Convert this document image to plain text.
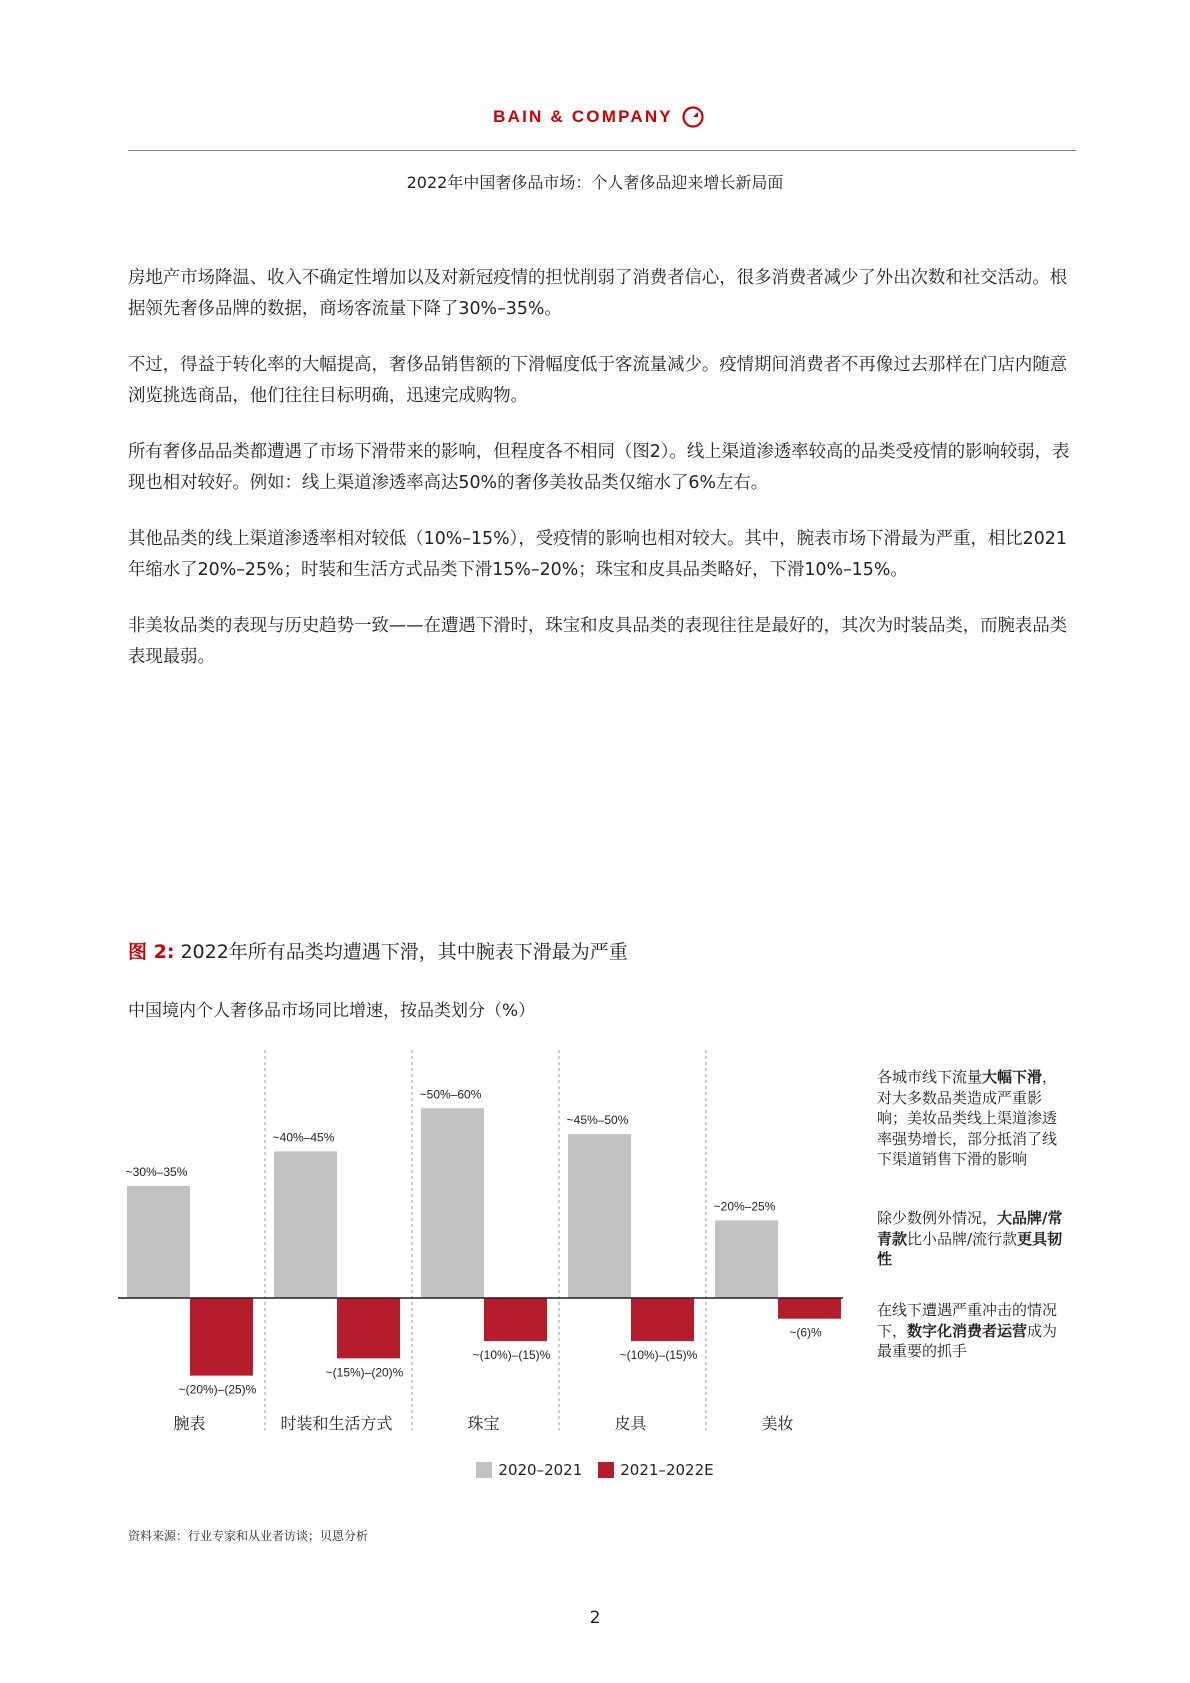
BAIN & COMPANY
2022年中国奢侈品市场：个人奢侈品迎来增长新局面

房地产市场降温、收入不确定性增加以及对新冠疫情的担忧削弱了消费者信心，很多消费者减少了外出次数和社交活动。根据领先奢侈品牌的数据，商场客流量下降了30%–35%。

不过，得益于转化率的大幅提高，奢侈品销售额的下滑幅度低于客流量减少。疫情期间消费者不再像过去那样在门店内随意浏览挑选商品，他们往往目标明确，迅速完成购物。

所有奢侈品品类都遭遇了市场下滑带来的影响，但程度各不相同（图2）。线上渠道渗透率较高的品类受疫情的影响较弱，表现也相对较好。例如：线上渠道渗透率高达50%的奢侈美妆品类仅缩水了6%左右。

其他品类的线上渠道渗透率相对较低（10%–15%），受疫情的影响也相对较大。其中，腕表市场下滑最为严重，相比2021年缩水了20%–25%；时装和生活方式品类下滑15%–20%；珠宝和皮具品类略好，下滑10%–15%。

非美妆品类的表现与历史趋势一致——在遭遇下滑时，珠宝和皮具品类的表现往往是最好的，其次为时装品类，而腕表品类表现最弱。

图 2: 2022年所有品类均遭遇下滑，其中腕表下滑最为严重
中国境内个人奢侈品市场同比增速，按品类划分（%）
~30%–35%
~(20%)–(25)%
腕表
~40%–45%
~(15%)–(20)%
时装和生活方式
~50%–60%
~(10%)–(15)%
珠宝
~45%–50%
~(10%)–(15)%
皮具
~20%–25%
~(6)%
美妆
各城市线下流量大幅下滑，对大多数品类造成严重影响；美妆品类线上渠道渗透率强势增长，部分抵消了线下渠道销售下滑的影响
除少数例外情况，大品牌/常青款比小品牌/流行款更具韧性
在线下遭遇严重冲击的情况下，数字化消费者运营成为最重要的抓手
2020–2021	2021–2022E
资料来源：行业专家和从业者访谈；贝恩分析
2
